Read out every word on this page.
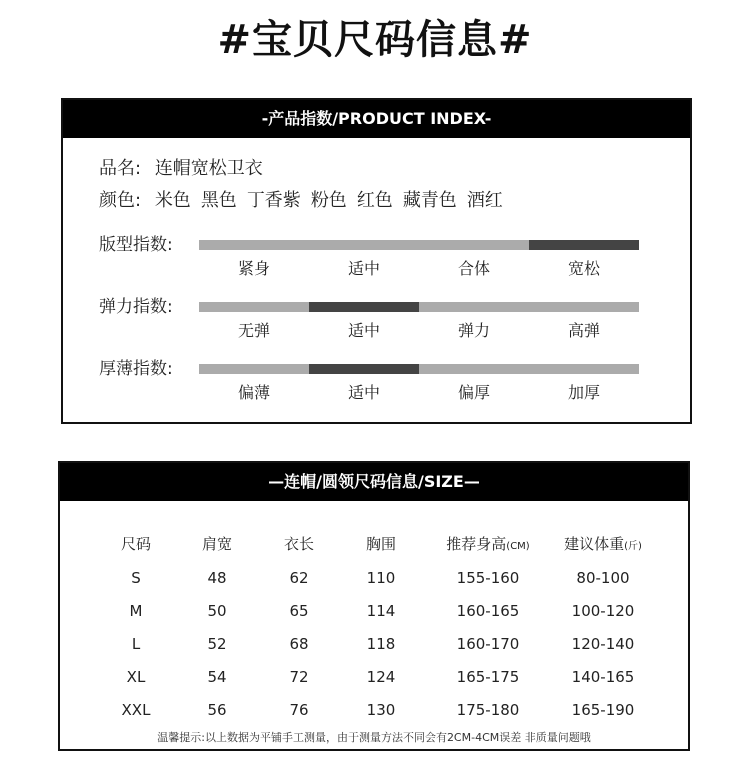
#宝贝尺码信息#
-产品指数/PRODUCT INDEX-
品名: 连帽宽松卫衣
颜色: 米色 黑色 丁香紫 粉色 红色 藏青色 酒红
版型指数:
紧身	适中	合体	宽松
弹力指数:
无弹	适中	弹力	高弹
厚薄指数:
偏薄	适中	偏厚	加厚
—连帽/圆领尺码信息/SIZE—
尺码	肩宽	衣长	胸围	推荐身高(CM)	建议体重(斤)
S	48	62	110	155-160	80-100
M	50	65	114	160-165	100-120
L	52	68	118	160-170	120-140
XL	54	72	124	165-175	140-165
XXL	56	76	130	175-180	165-190
温馨提示:以上数据为平铺手工测量，由于测量方法不同会有2CM-4CM误差 非质量问题哦
